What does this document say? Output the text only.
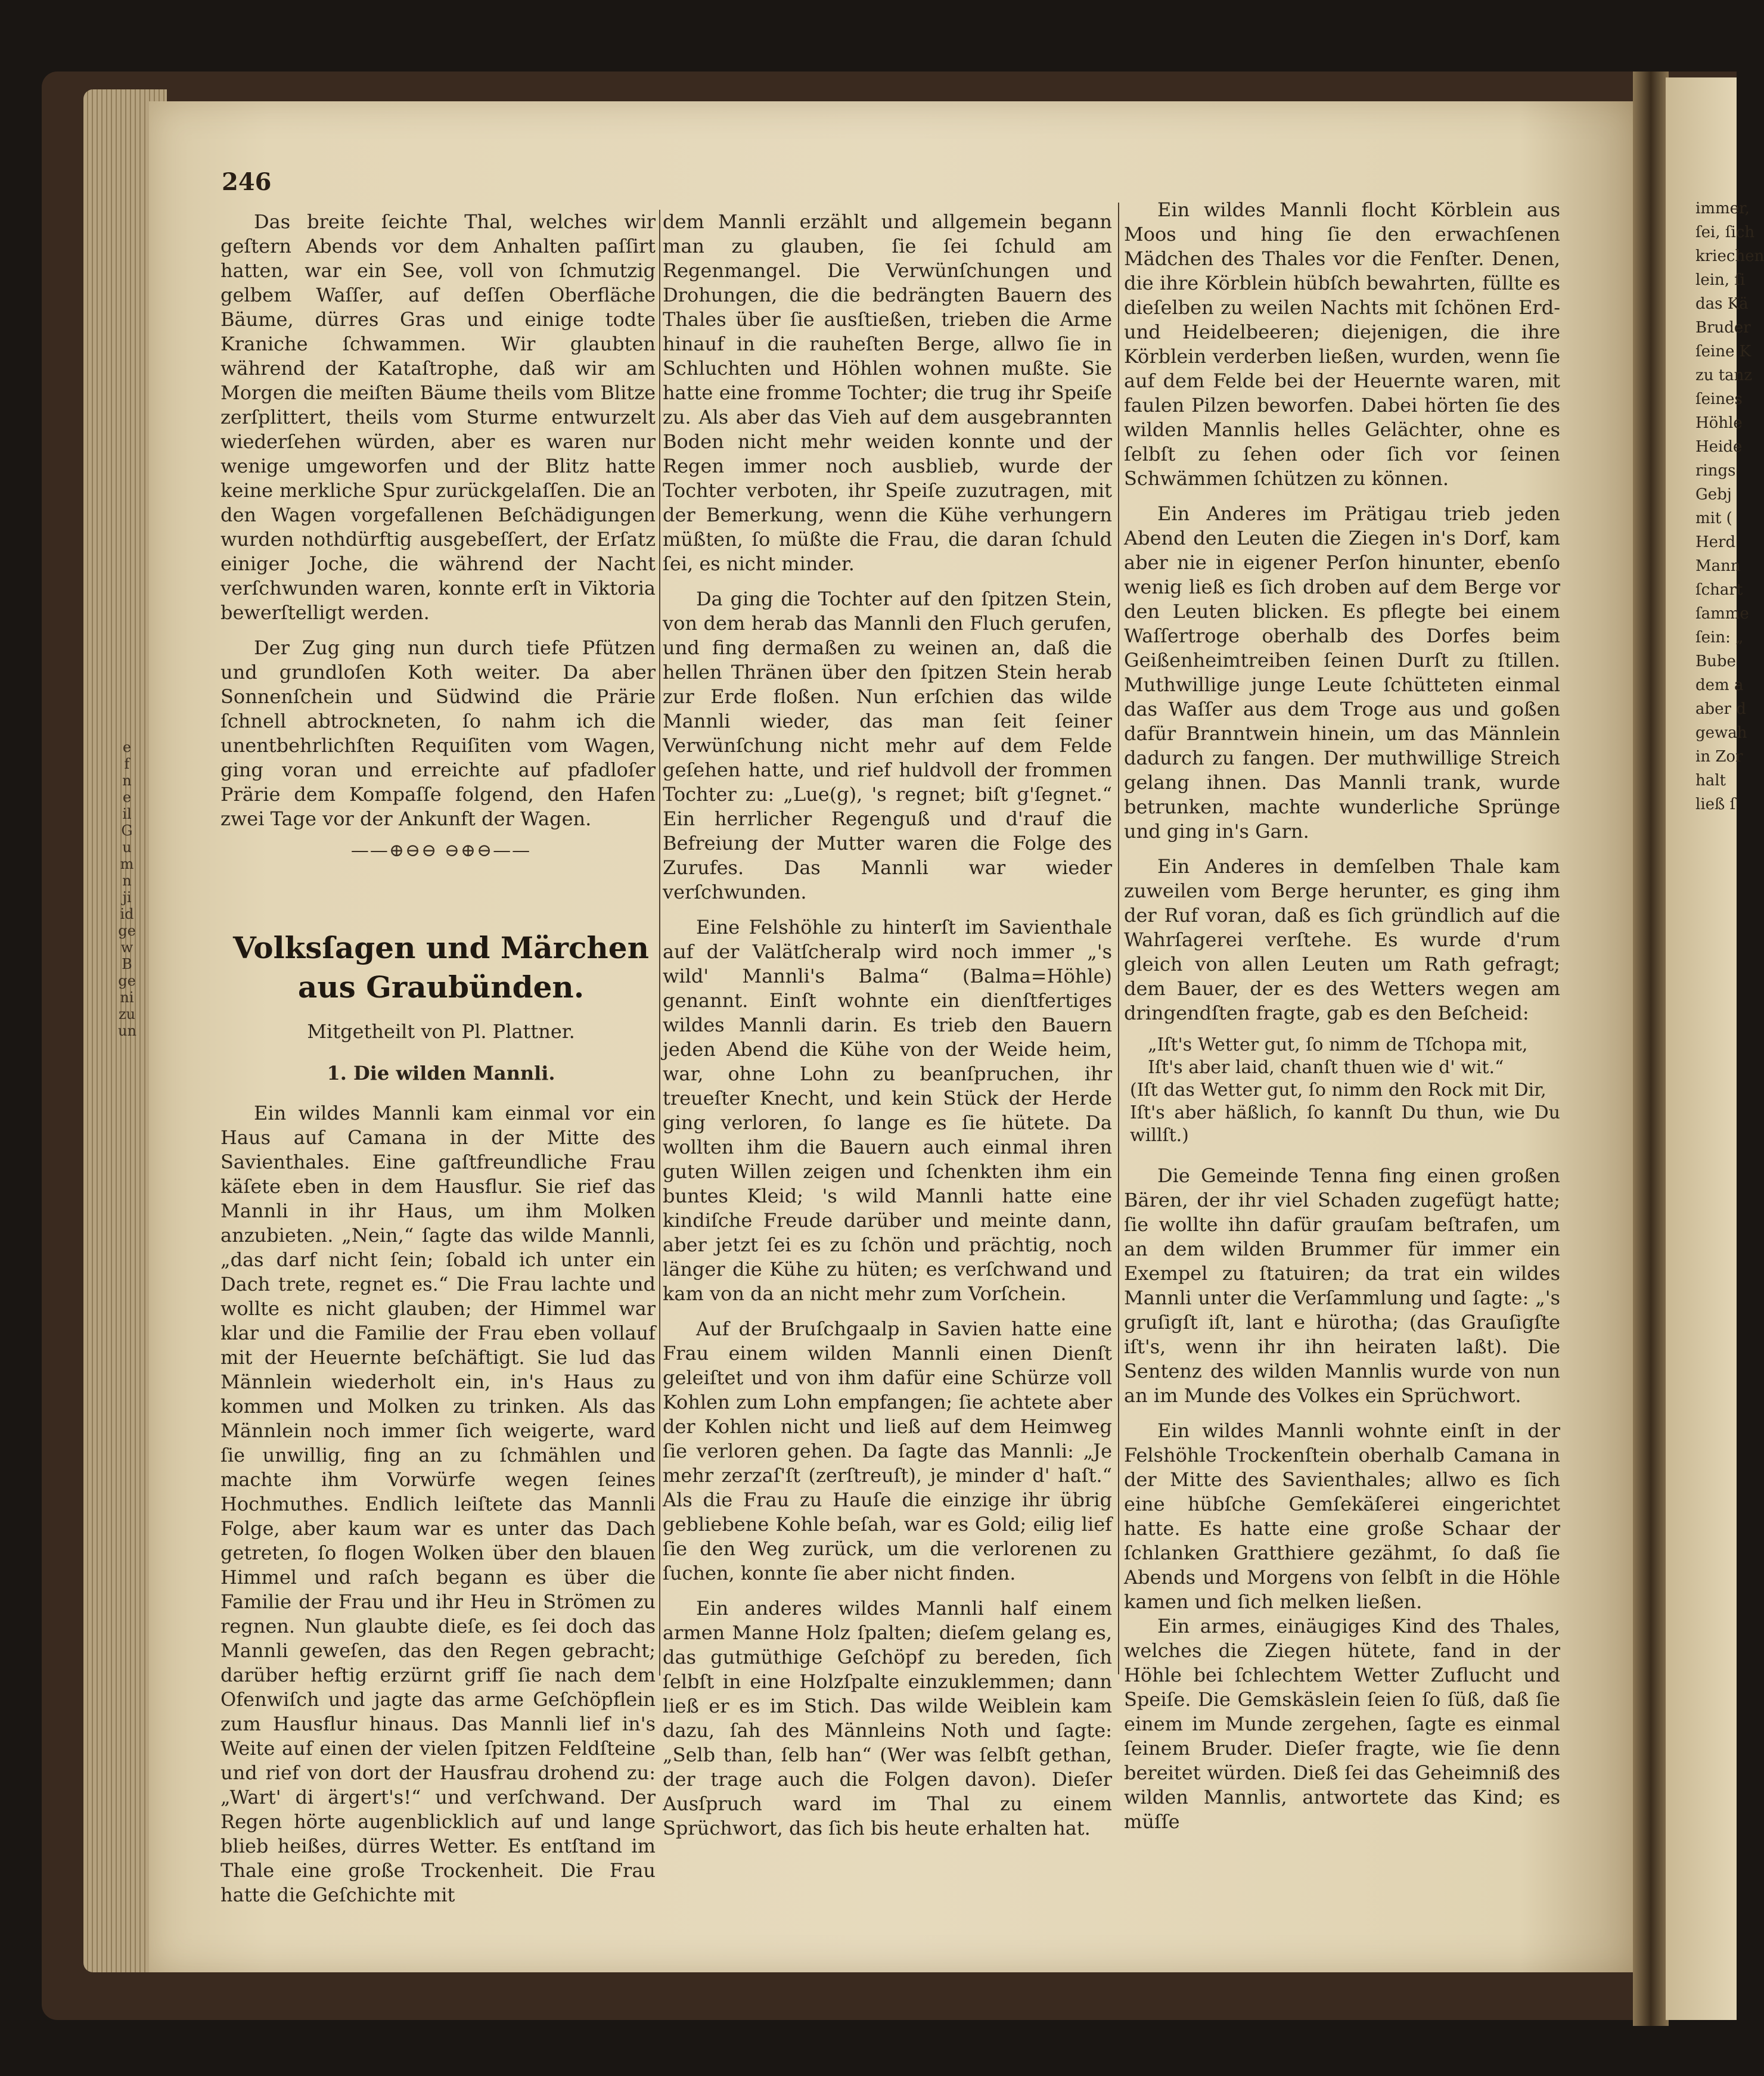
e
f
n
e
il
G
u
m
n
ji
id
ge
w
B
ge
ni
zu
un
immer,
ſei, ſich
kriechen
lein, ſi
das Kä
Bruder
ſeine K
zu tanz
ſeines
Höhle
Heide
rings
Gebj
mit (
Herd
Mann
ſchart
ſamme
ſein: „
Bube
dem a
aber d
gewah
in Zor
halt
ließ ſ
246

Das breite ſeichte Thal, welches wir geſtern Abends vor dem Anhalten paſſirt hatten, war ein See, voll von ſchmutzig gelbem Waſſer, auf deſſen Oberfläche Bäume, dürres Gras und einige todte Kraniche ſchwammen. Wir glaubten während der Kataſtrophe, daß wir am Morgen die meiſten Bäume theils vom Blitze zerſplittert, theils vom Sturme entwurzelt wiederſehen würden, aber es waren nur wenige umgeworfen und der Blitz hatte keine merkliche Spur zurückgelaſſen. Die an den Wagen vorgefallenen Beſchädigungen wurden nothdürftig ausgebeſſert, der Erſatz einiger Joche, die während der Nacht verſchwunden waren, konnte erſt in Viktoria bewerſtelligt werden.

Der Zug ging nun durch tiefe Pfützen und grundloſen Koth weiter. Da aber Sonnenſchein und Südwind die Prärie ſchnell abtrockneten, ſo nahm ich die unentbehrlichſten Requiſiten vom Wagen, ging voran und erreichte auf pfadloſer Prärie dem Kompaſſe folgend, den Hafen zwei Tage vor der Ankunft der Wagen.

——⊕⊖⊖ ⊖⊕⊖——
Volksſagen und Märchen aus Graubünden.
Mitgetheilt von Pl. Plattner.
1. Die wilden Mannli.

Ein wildes Mannli kam einmal vor ein Haus auf Camana in der Mitte des Savienthales. Eine gaſtfreundliche Frau käſete eben in dem Hausflur. Sie rief das Mannli in ihr Haus, um ihm Molken anzubieten. „Nein,“ ſagte das wilde Mannli, „das darf nicht ſein; ſobald ich unter ein Dach trete, regnet es.“ Die Frau lachte und wollte es nicht glauben; der Himmel war klar und die Familie der Frau eben vollauf mit der Heuernte beſchäftigt. Sie lud das Männlein wiederholt ein, in's Haus zu kommen und Molken zu trinken. Als das Männlein noch immer ſich weigerte, ward ſie unwillig, fing an zu ſchmählen und machte ihm Vorwürfe wegen ſeines Hochmuthes. Endlich leiſtete das Mannli Folge, aber kaum war es unter das Dach getreten, ſo flogen Wolken über den blauen Himmel und raſch begann es über die Familie der Frau und ihr Heu in Strömen zu regnen. Nun glaubte dieſe, es ſei doch das Mannli geweſen, das den Regen gebracht; darüber heftig erzürnt griff ſie nach dem Ofenwiſch und jagte das arme Geſchöpflein zum Hausflur hinaus. Das Mannli lief in's Weite auf einen der vielen ſpitzen Feldſteine und rief von dort der Hausfrau drohend zu: „Wart' di ärgert's!“ und verſchwand. Der Regen hörte augenblicklich auf und lange blieb heißes, dürres Wetter. Es entſtand im Thale eine große Trockenheit. Die Frau hatte die Geſchichte mit

dem Mannli erzählt und allgemein begann man zu glauben, ſie ſei ſchuld am Regenmangel. Die Verwünſchungen und Drohungen, die die bedrängten Bauern des Thales über ſie ausſtießen, trieben die Arme hinauf in die rauheſten Berge, allwo ſie in Schluchten und Höhlen wohnen mußte. Sie hatte eine fromme Tochter; die trug ihr Speiſe zu. Als aber das Vieh auf dem ausgebrannten Boden nicht mehr weiden konnte und der Regen immer noch ausblieb, wurde der Tochter verboten, ihr Speiſe zuzutragen, mit der Bemerkung, wenn die Kühe verhungern müßten, ſo müßte die Frau, die daran ſchuld ſei, es nicht minder.

Da ging die Tochter auf den ſpitzen Stein, von dem herab das Mannli den Fluch gerufen, und fing dermaßen zu weinen an, daß die hellen Thränen über den ſpitzen Stein herab zur Erde floßen. Nun erſchien das wilde Mannli wieder, das man ſeit ſeiner Verwünſchung nicht mehr auf dem Felde geſehen hatte, und rief huldvoll der frommen Tochter zu: „Lue(g), 's regnet; biſt g'ſegnet.“ Ein herrlicher Regenguß und d'rauf die Befreiung der Mutter waren die Folge des Zurufes. Das Mannli war wieder verſchwunden.

Eine Felshöhle zu hinterſt im Savienthale auf der Valätſcheralp wird noch immer „'s wild' Mannli's Balma“ (Balma=Höhle) genannt. Einſt wohnte ein dienſtfertiges wildes Mannli darin. Es trieb den Bauern jeden Abend die Kühe von der Weide heim, war, ohne Lohn zu beanſpruchen, ihr treueſter Knecht, und kein Stück der Herde ging verloren, ſo lange es ſie hütete. Da wollten ihm die Bauern auch einmal ihren guten Willen zeigen und ſchenkten ihm ein buntes Kleid; 's wild Mannli hatte eine kindiſche Freude darüber und meinte dann, aber jetzt ſei es zu ſchön und prächtig, noch länger die Kühe zu hüten; es verſchwand und kam von da an nicht mehr zum Vorſchein.

Auf der Bruſchgaalp in Savien hatte eine Frau einem wilden Mannli einen Dienſt geleiſtet und von ihm dafür eine Schürze voll Kohlen zum Lohn empfangen; ſie achtete aber der Kohlen nicht und ließ auf dem Heimweg ſie verloren gehen. Da ſagte das Mannli: „Je mehr zerzaſ'ſt (zerſtreuſt), je minder d' haſt.“ Als die Frau zu Hauſe die einzige ihr übrig gebliebene Kohle beſah, war es Gold; eilig lief ſie den Weg zurück, um die verlorenen zu ſuchen, konnte ſie aber nicht finden.

Ein anderes wildes Mannli half einem armen Manne Holz ſpalten; dieſem gelang es, das gutmüthige Geſchöpf zu bereden, ſich ſelbſt in eine Holzſpalte einzuklemmen; dann ließ er es im Stich. Das wilde Weiblein kam dazu, ſah des Männleins Noth und ſagte: „Selb than, ſelb han“ (Wer was ſelbſt gethan, der trage auch die Folgen davon). Dieſer Ausſpruch ward im Thal zu einem Sprüchwort, das ſich bis heute erhalten hat.

Ein wildes Mannli flocht Körblein aus Moos und hing ſie den erwachſenen Mädchen des Thales vor die Fenſter. Denen, die ihre Körblein hübſch bewahrten, füllte es dieſelben zu weilen Nachts mit ſchönen Erd- und Heidelbeeren; diejenigen, die ihre Körblein verderben ließen, wurden, wenn ſie auf dem Felde bei der Heuernte waren, mit faulen Pilzen beworfen. Dabei hörten ſie des wilden Mannlis helles Gelächter, ohne es ſelbſt zu ſehen oder ſich vor ſeinen Schwämmen ſchützen zu können.

Ein Anderes im Prätigau trieb jeden Abend den Leuten die Ziegen in's Dorf, kam aber nie in eigener Perſon hinunter, ebenſo wenig ließ es ſich droben auf dem Berge vor den Leuten blicken. Es pflegte bei einem Waſſertroge oberhalb des Dorfes beim Geißenheimtreiben ſeinen Durſt zu ſtillen. Muthwillige junge Leute ſchütteten einmal das Waſſer aus dem Troge aus und goßen dafür Branntwein hinein, um das Männlein dadurch zu fangen. Der muthwillige Streich gelang ihnen. Das Mannli trank, wurde betrunken, machte wunderliche Sprünge und ging in's Garn.

Ein Anderes in demſelben Thale kam zuweilen vom Berge herunter, es ging ihm der Ruf voran, daß es ſich gründlich auf die Wahrſagerei verſtehe. Es wurde d'rum gleich von allen Leuten um Rath gefragt; dem Bauer, der es des Wetters wegen am dringendſten fragte, gab es den Beſcheid:

„Iſt's Wetter gut, ſo nimm de Tſchopa mit,

Iſt's aber laid, chanſt thuen wie d' wit.“

(Iſt das Wetter gut, ſo nimm den Rock mit Dir,

Iſt's aber häßlich, ſo kannſt Du thun, wie Du willſt.)

Die Gemeinde Tenna fing einen großen Bären, der ihr viel Schaden zugefügt hatte; ſie wollte ihn dafür grauſam beſtrafen, um an dem wilden Brummer für immer ein Exempel zu ſtatuiren; da trat ein wildes Mannli unter die Verſammlung und ſagte: „'s gruſigſt iſt, lant e hürotha; (das Grauſigſte iſt's, wenn ihr ihn heiraten laßt). Die Sentenz des wilden Mannlis wurde von nun an im Munde des Volkes ein Sprüchwort.

Ein wildes Mannli wohnte einſt in der Felshöhle Trockenſtein oberhalb Camana in der Mitte des Savienthales; allwo es ſich eine hübſche Gemſekäſerei eingerichtet hatte. Es hatte eine große Schaar der ſchlanken Gratthiere gezähmt, ſo daß ſie Abends und Morgens von ſelbſt in die Höhle kamen und ſich melken ließen.

Ein armes, einäugiges Kind des Thales, welches die Ziegen hütete, fand in der Höhle bei ſchlechtem Wetter Zuflucht und Speiſe. Die Gemskäslein ſeien ſo ſüß, daß ſie einem im Munde zergehen, ſagte es einmal ſeinem Bruder. Dieſer fragte, wie ſie denn bereitet würden. Dieß ſei das Geheimniß des wilden Mannlis, antwortete das Kind; es müſſe
